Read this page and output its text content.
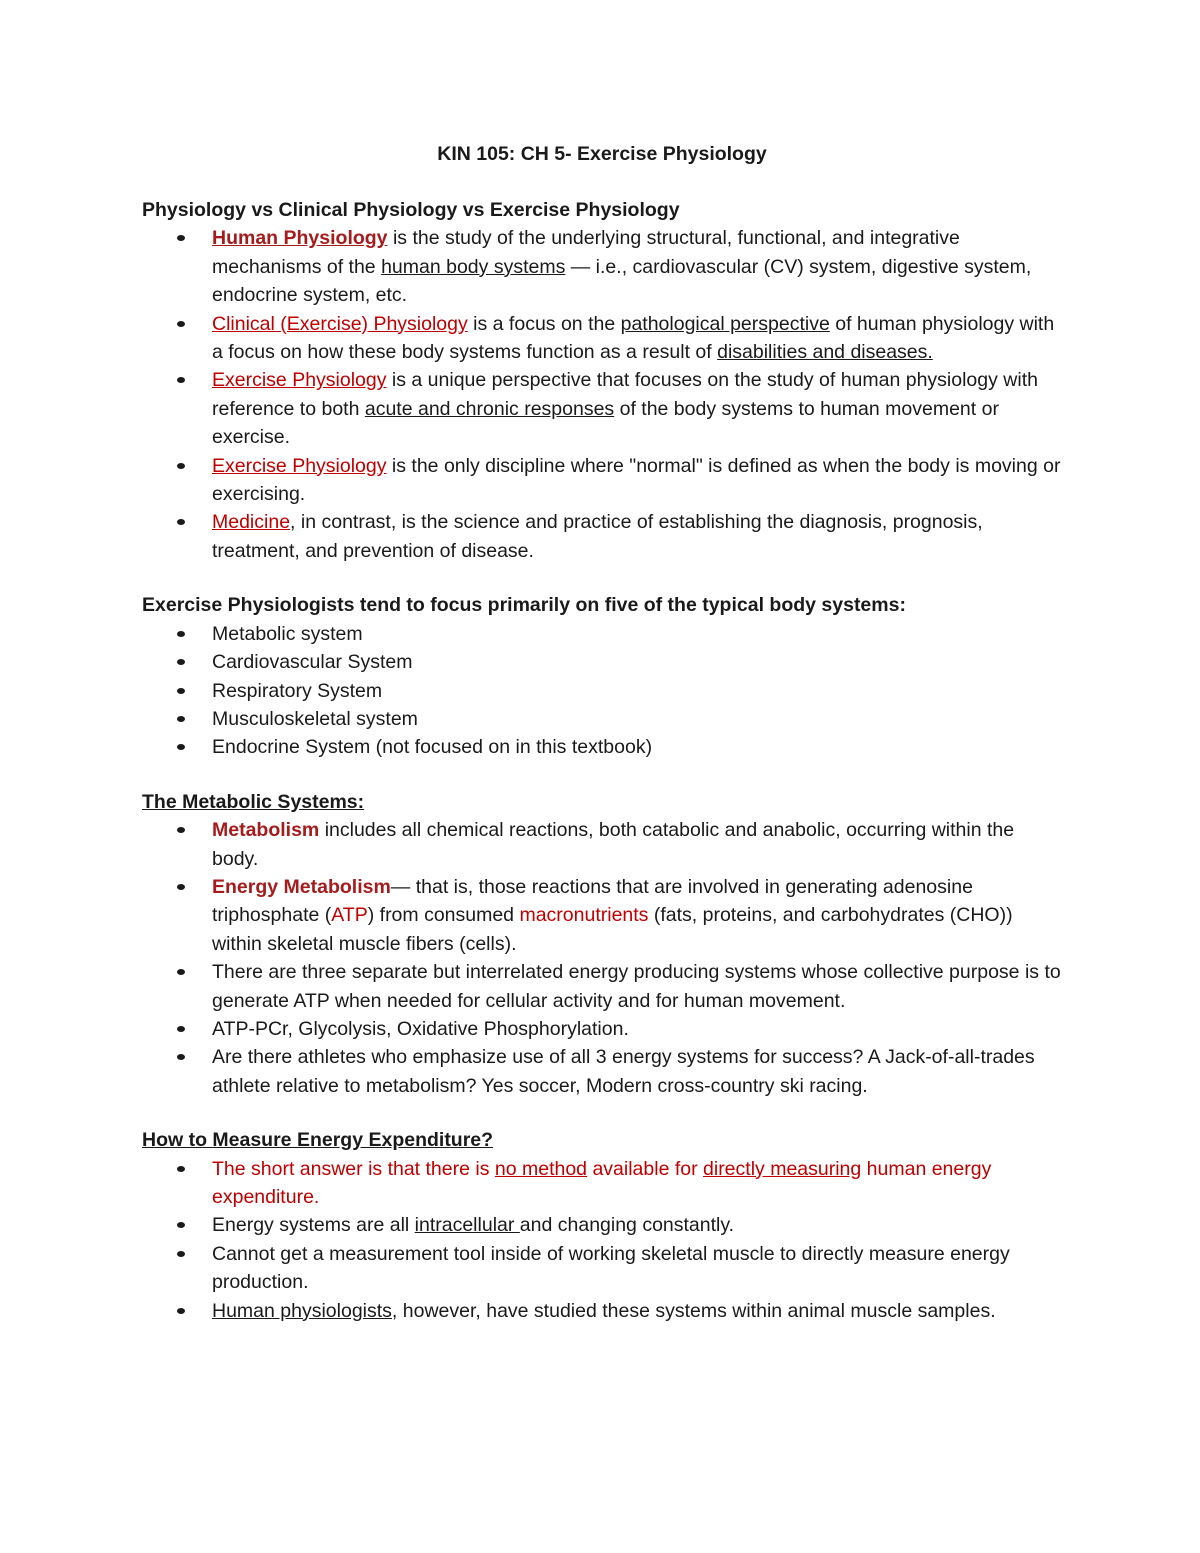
KIN 105: CH 5- Exercise Physiology
Physiology vs Clinical Physiology vs Exercise Physiology
Human Physiology is the study of the underlying structural, functional, and integrative mechanisms of the human body systems — i.e., cardiovascular (CV) system, digestive system, endocrine system, etc.
Clinical (Exercise) Physiology is a focus on the pathological perspective of human physiology with a focus on how these body systems function as a result of disabilities and diseases.
Exercise Physiology is a unique perspective that focuses on the study of human physiology with reference to both acute and chronic responses of the body systems to human movement or exercise.
Exercise Physiology is the only discipline where "normal" is defined as when the body is moving or exercising.
Medicine, in contrast, is the science and practice of establishing the diagnosis, prognosis, treatment, and prevention of disease.
Exercise Physiologists tend to focus primarily on five of the typical body systems:
Metabolic system
Cardiovascular System
Respiratory System
Musculoskeletal system
Endocrine System (not focused on in this textbook)
The Metabolic Systems:
Metabolism includes all chemical reactions, both catabolic and anabolic, occurring within the body.
Energy Metabolism— that is, those reactions that are involved in generating adenosine triphosphate (ATP) from consumed macronutrients (fats, proteins, and carbohydrates (CHO)) within skeletal muscle fibers (cells).
There are three separate but interrelated energy producing systems whose collective purpose is to generate ATP when needed for cellular activity and for human movement.
ATP-PCr, Glycolysis, Oxidative Phosphorylation.
Are there athletes who emphasize use of all 3 energy systems for success? A Jack-of-all-trades athlete relative to metabolism? Yes soccer, Modern cross-country ski racing.
How to Measure Energy Expenditure?
The short answer is that there is no method available for directly measuring human energy expenditure.
Energy systems are all intracellular and changing constantly.
Cannot get a measurement tool inside of working skeletal muscle to directly measure energy production.
Human physiologists, however, have studied these systems within animal muscle samples.
